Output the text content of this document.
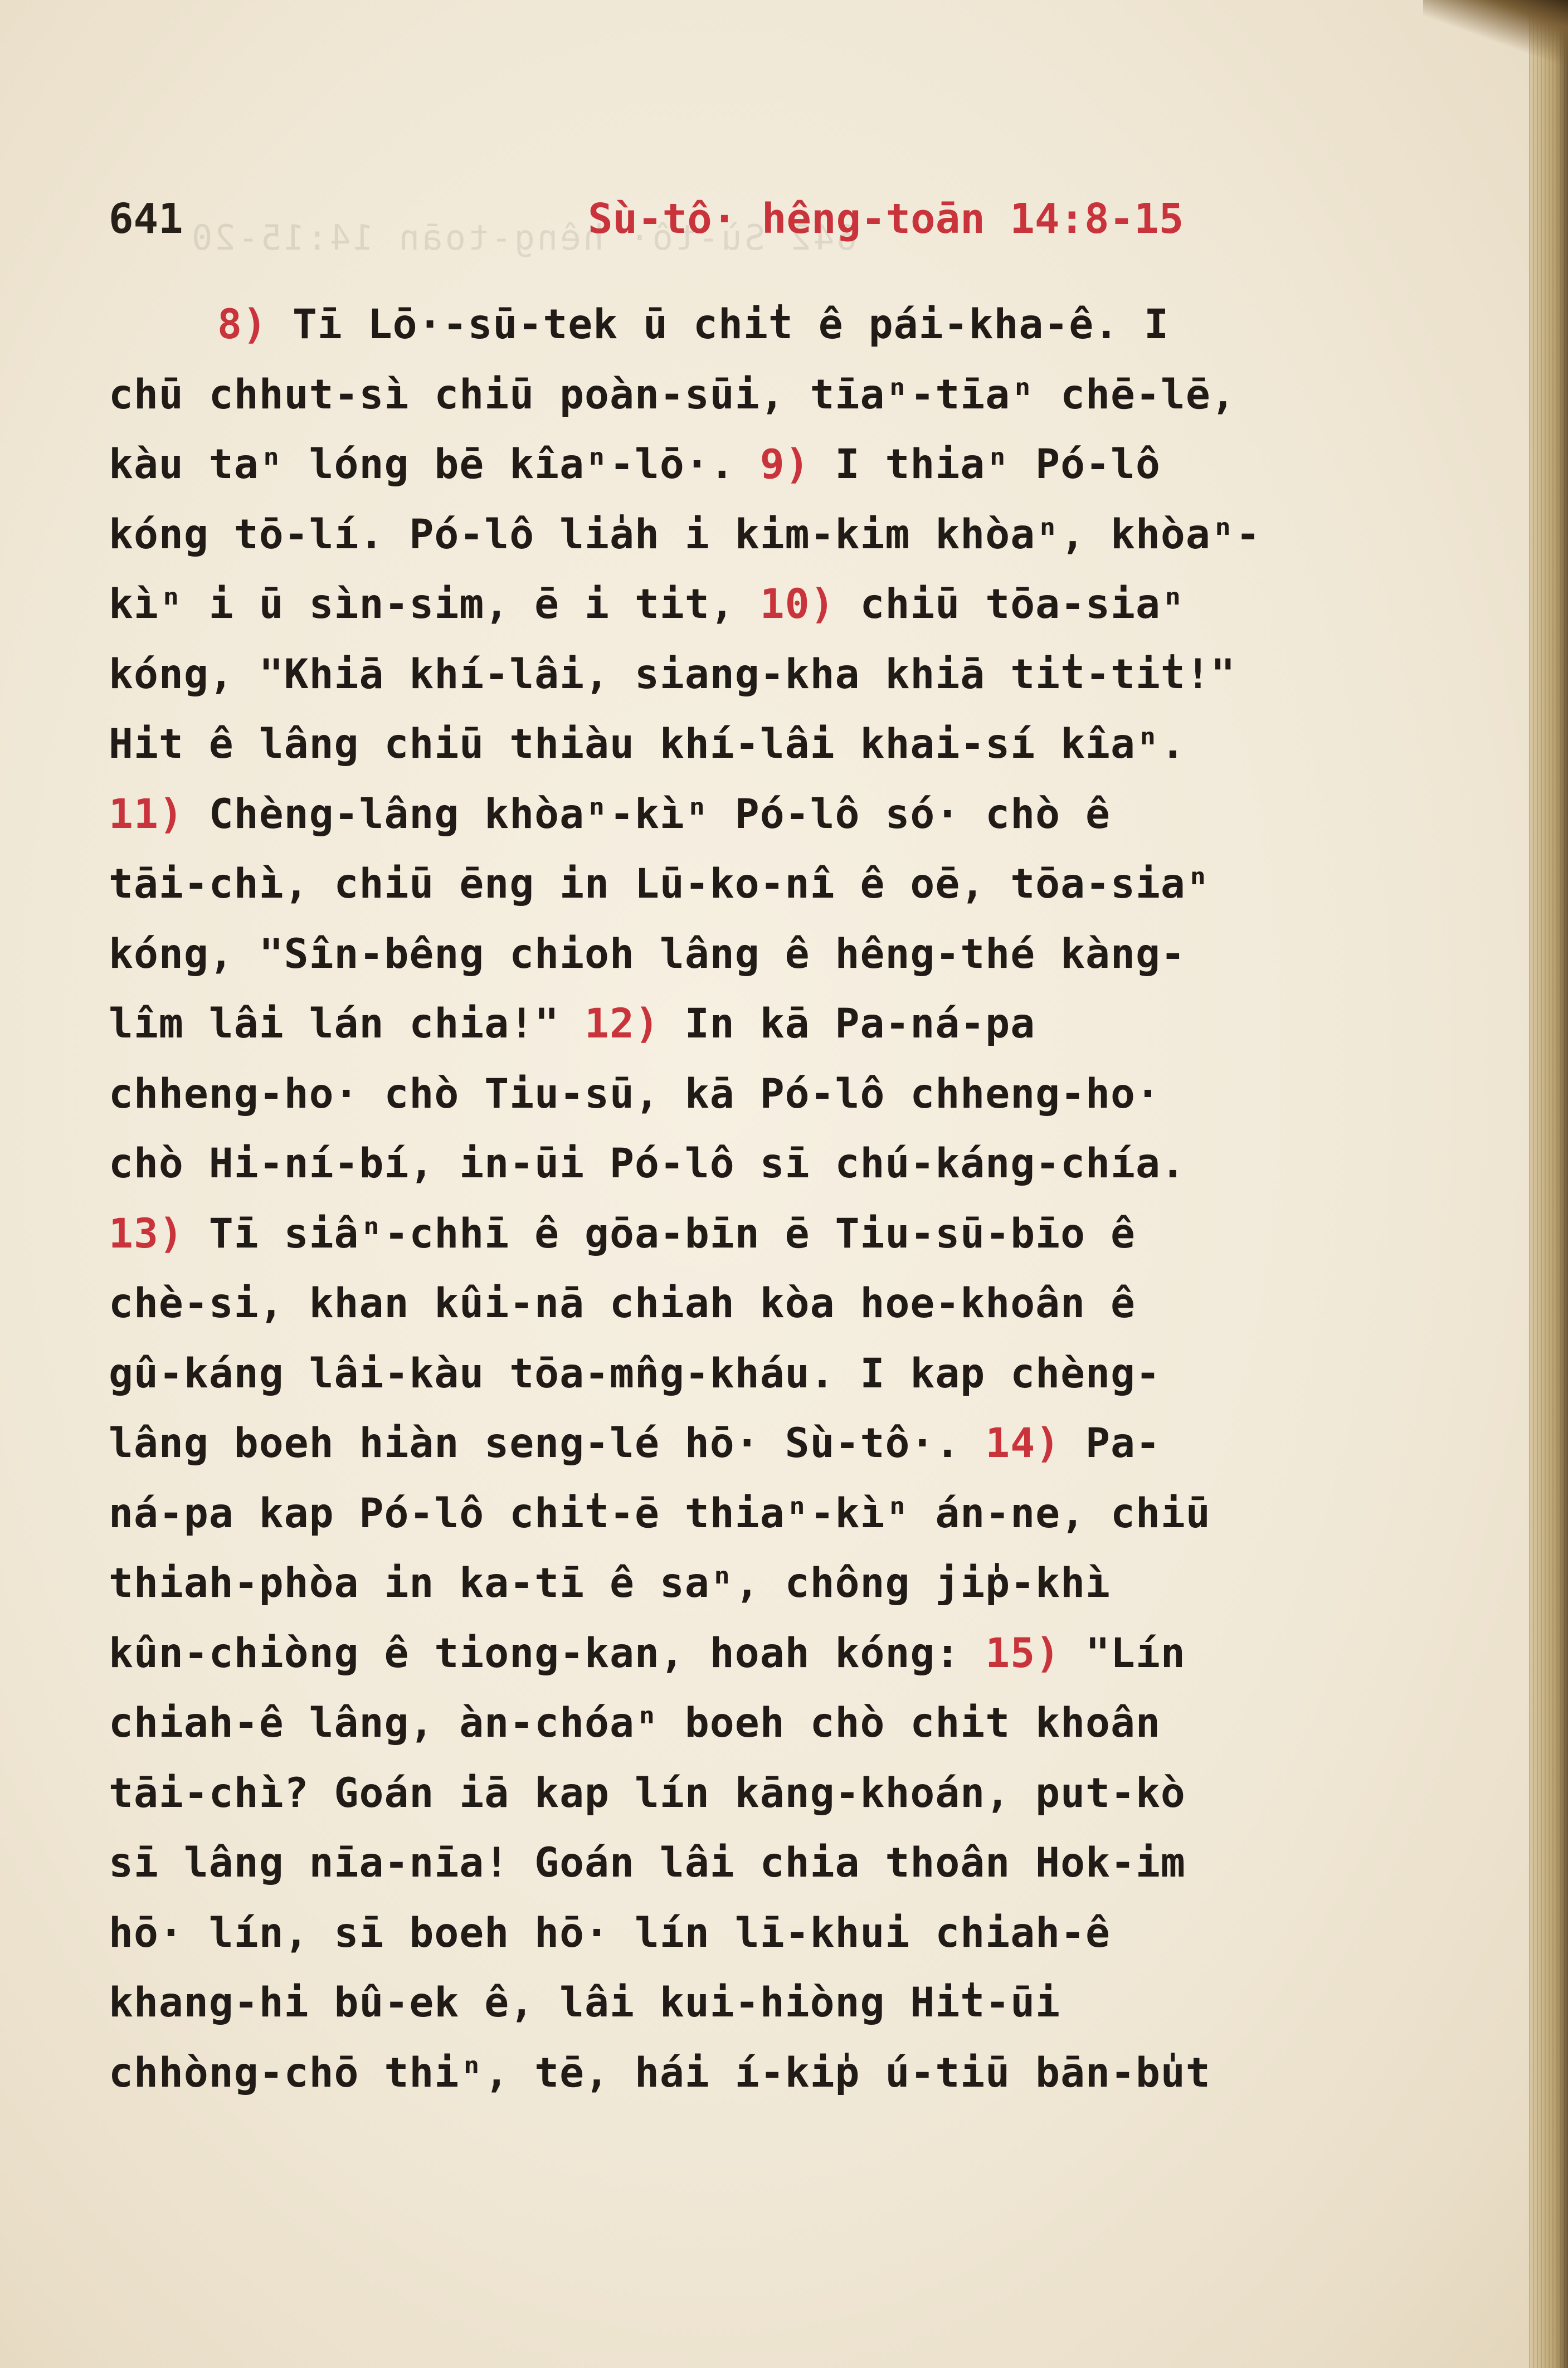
642 Sù-tô· hêng-toān 14:15-20
641	Sù-tô· hêng-toān 14:8-15
8) Tī Lō·-sū-tek ū chi̍t ê pái-kha-ê. I
chū chhut-sì chiū poàn-sūi, tīaⁿ-tīaⁿ chē-lē,
kàu taⁿ lóng bē kîaⁿ-lō·. 9) I thiaⁿ Pó-lô
kóng tō-lí. Pó-lô lia̍h i kim-kim khòaⁿ, khòaⁿ-
kìⁿ i ū sìn-sim, ē i tit, 10) chiū tōa-siaⁿ
kóng, "Khiā khí-lâi, siang-kha khiā ti̍t-ti̍t!"
Hit ê lâng chiū thiàu khí-lâi khai-sí kîaⁿ.
11) Chèng-lâng khòaⁿ-kìⁿ Pó-lô só· chò ê
tāi-chì, chiū ēng in Lū-ko-nî ê oē, tōa-siaⁿ
kóng, "Sîn-bêng chioh lâng ê hêng-thé kàng-
lîm lâi lán chia!" 12) In kā Pa-ná-pa
chheng-ho· chò Tiu-sū, kā Pó-lô chheng-ho·
chò Hi-ní-bí, in-ūi Pó-lô sī chú-káng-chía.
13) Tī siâⁿ-chhī ê gōa-bīn ē Tiu-sū-bīo ê
chè-si, khan kûi-nā chiah kòa hoe-khoân ê
gû-káng lâi-kàu tōa-mn̂g-kháu. I kap chèng-
lâng boeh hiàn seng-lé hō· Sù-tô·. 14) Pa-
ná-pa kap Pó-lô chi̍t-ē thiaⁿ-kìⁿ án-ne, chiū
thiah-phòa in ka-tī ê saⁿ, chông ji̍p-khì
kûn-chiòng ê tiong-kan, hoah kóng: 15) "Lín
chiah-ê lâng, àn-chóaⁿ boeh chò chit khoân
tāi-chì? Goán iā kap lín kāng-khoán, put-kò
sī lâng nīa-nīa! Goán lâi chia thoân Hok-im
hō· lín, sī boeh hō· lín lī-khui chiah-ê
khang-hi bû-ek ê, lâi kui-hiòng Hi̍t-ūi
chhòng-chō thiⁿ, tē, hái í-ki̍p ú-tiū bān-bu̍t
